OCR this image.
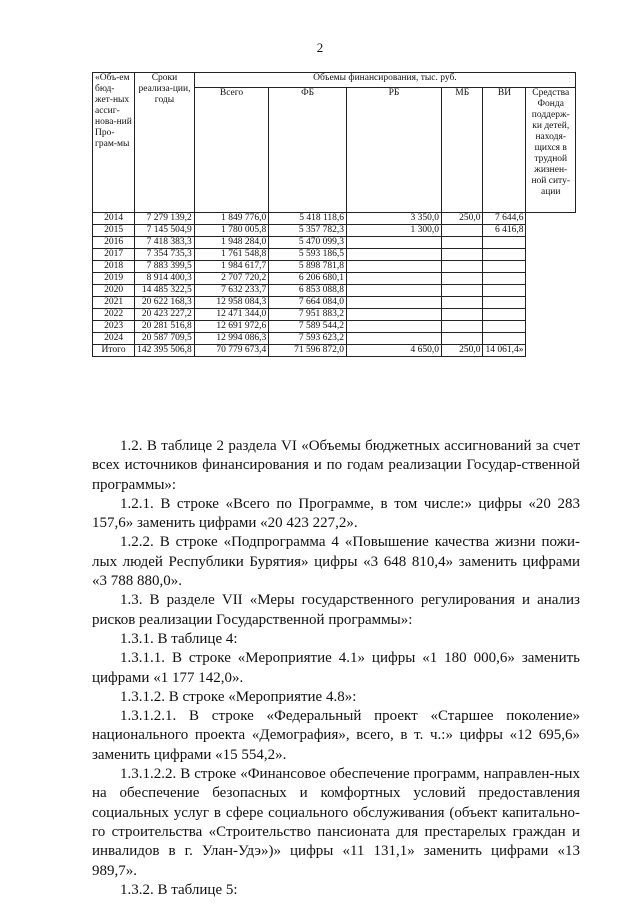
2
«Объ-ем бюд-жет-ных ассиг-нова-ний Про-грам-мы	Сроки реализа-ции, годы	Объемы финансирования, тыс. руб.					
		Всего	ФБ	РБ	МБ	ВИ	Средства Фонда поддерж-ки детей, находя-щихся в трудной жизнен-ной ситу-ации
2014	7 279 139,2	1 849 776,0	5 418 118,6	3 350,0	250,0	7 644,6	
2015	7 145 504,9	1 780 005,8	5 357 782,3	1 300,0		6 416,8	
2016	7 418 383,3	1 948 284,0	5 470 099,3				
2017	7 354 735,3	1 761 548,8	5 593 186,5				
2018	7 883 399,5	1 984 617,7	5 898 781,8				
2019	8 914 400,3	2 707 720,2	6 206 680,1				
2020	14 485 322,5	7 632 233,7	6 853 088,8				
2021	20 622 168,3	12 958 084,3	7 664 084,0				
2022	20 423 227,2	12 471 344,0	7 951 883,2				
2023	20 281 516,8	12 691 972,6	7 589 544,2				
2024	20 587 709,5	12 994 086,3	7 593 623,2				
Итого	142 395 506,8	70 779 673,4	71 596 872,0	4 650,0	250,0	14 061,4»	

1.2. В таблице 2 раздела VI «Объемы бюджетных ассигнований за счет всех источников финансирования и по годам реализации Государ-ственной программы»:

1.2.1. В строке «Всего по Программе, в том числе:» цифры «20 283 157,6» заменить цифрами «20 423 227,2».

1.2.2. В строке «Подпрограмма 4 «Повышение качества жизни пожи-лых людей Республики Бурятия» цифры «3 648 810,4» заменить цифрами «3 788 880,0».

1.3. В разделе VII «Меры государственного регулирования и анализ рисков реализации Государственной программы»:

1.3.1. В таблице 4:

1.3.1.1. В строке «Мероприятие 4.1» цифры «1 180 000,6» заменить цифрами «1 177 142,0».

1.3.1.2. В строке «Мероприятие 4.8»:

1.3.1.2.1. В строке «Федеральный проект «Старшее поколение» национального проекта «Демография», всего, в т. ч.:» цифры «12 695,6» заменить цифрами «15 554,2».

1.3.1.2.2. В строке «Финансовое обеспечение программ, направлен-ных на обеспечение безопасных и комфортных условий предоставления социальных услуг в сфере социального обслуживания (объект капитально-го строительства «Строительство пансионата для престарелых граждан и инвалидов в г. Улан-Удэ»)» цифры «11 131,1» заменить цифрами «13 989,7».

1.3.2. В таблице 5:
